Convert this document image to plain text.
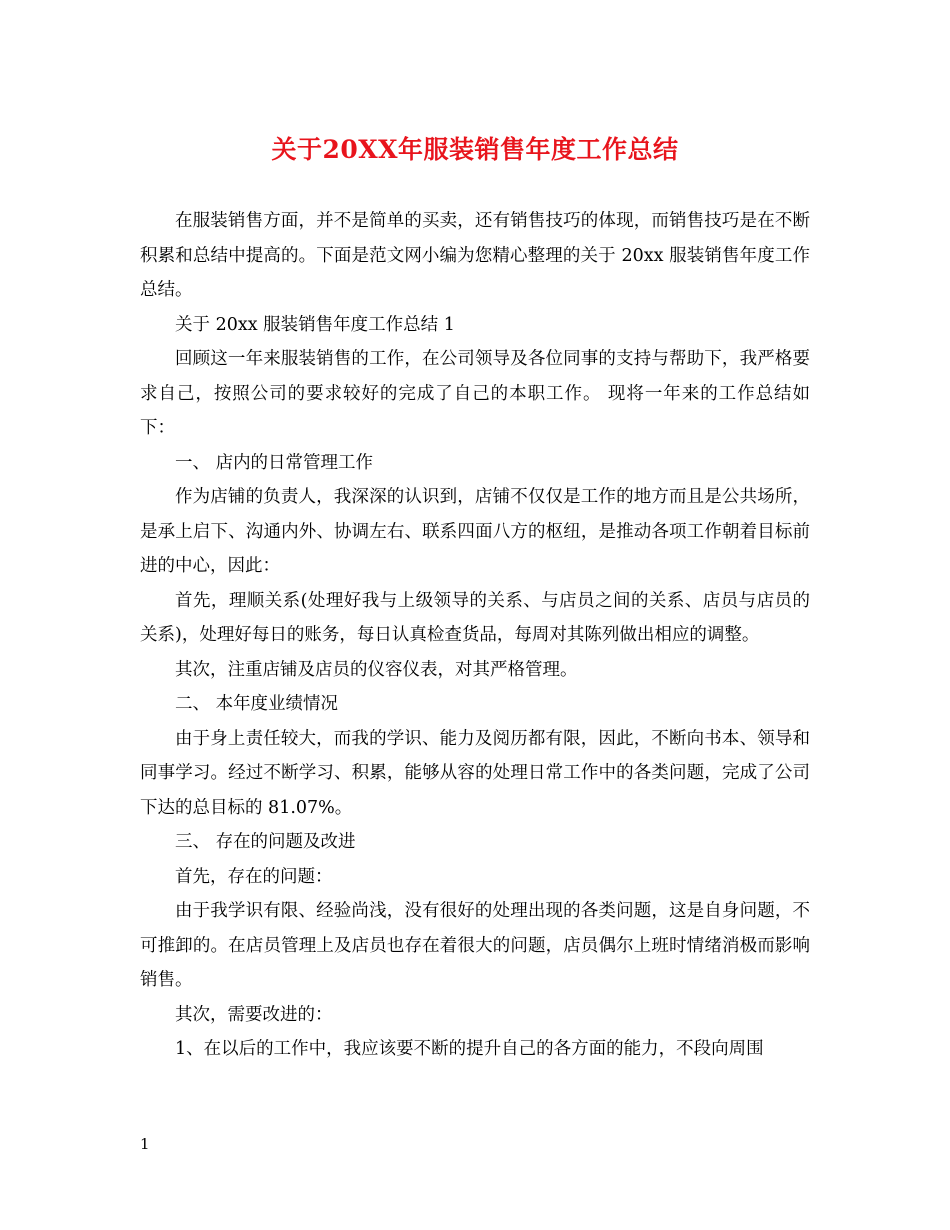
关于20XX年服装销售年度工作总结

在服装销售方面，并不是简单的买卖，还有销售技巧的体现，而销售技巧是在不断积累和总结中提高的。下面是范文网小编为您精心整理的关于 20xx 服装销售年度工作总结。

关于 20xx 服装销售年度工作总结 1

回顾这一年来服装销售的工作，在公司领导及各位同事的支持与帮助下，我严格要求自己，按照公司的要求较好的完成了自己的本职工作。 现将一年来的工作总结如下：

一、 店内的日常管理工作

作为店铺的负责人，我深深的认识到，店铺不仅仅是工作的地方而且是公共场所，是承上启下、沟通内外、协调左右、联系四面八方的枢纽，是推动各项工作朝着目标前进的中心，因此：

首先，理顺关系(处理好我与上级领导的关系、与店员之间的关系、店员与店员的关系)，处理好每日的账务，每日认真检查货品，每周对其陈列做出相应的调整。

其次，注重店铺及店员的仪容仪表，对其严格管理。

二、 本年度业绩情况

由于身上责任较大，而我的学识、能力及阅历都有限，因此，不断向书本、领导和同事学习。经过不断学习、积累，能够从容的处理日常工作中的各类问题，完成了公司下达的总目标的 81.07%。

三、 存在的问题及改进

首先，存在的问题：

由于我学识有限、经验尚浅，没有很好的处理出现的各类问题，这是自身问题，不可推卸的。在店员管理上及店员也存在着很大的问题，店员偶尔上班时情绪消极而影响销售。

其次，需要改进的：

1、在以后的工作中，我应该要不断的提升自己的各方面的能力，不段向周围

1
